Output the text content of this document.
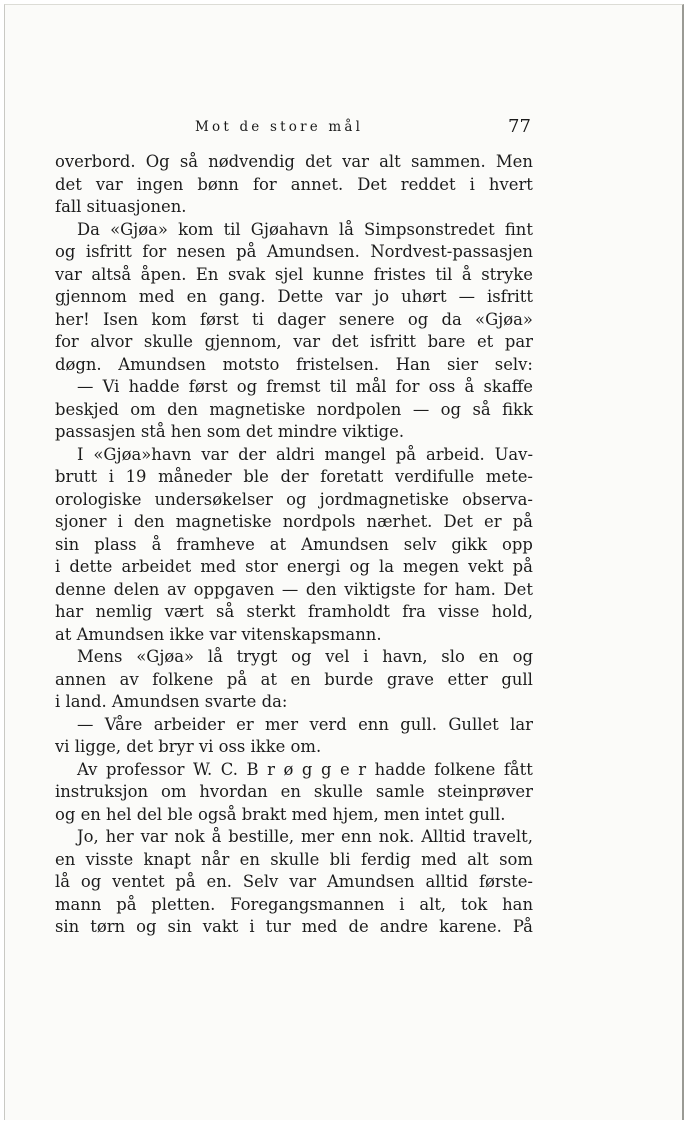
Mot de store mål	77
overbord. Og så nødvendig det var alt sammen. Men
det var ingen bønn for annet. Det reddet i hvert
fall situasjonen.
Da «Gjøa» kom til Gjøahavn lå Simpsonstredet fint
og isfritt for nesen på Amundsen. Nordvest-passasjen
var altså åpen. En svak sjel kunne fristes til å stryke
gjennom med en gang. Dette var jo uhørt — isfritt
her! Isen kom først ti dager senere og da «Gjøa»
for alvor skulle gjennom, var det isfritt bare et par
døgn. Amundsen motsto fristelsen. Han sier selv:
— Vi hadde først og fremst til mål for oss å skaffe
beskjed om den magnetiske nordpolen — og så fikk
passasjen stå hen som det mindre viktige.
I «Gjøa»havn var der aldri mangel på arbeid. Uav-
brutt i 19 måneder ble der foretatt verdifulle mete-
orologiske undersøkelser og jordmagnetiske observa-
sjoner i den magnetiske nordpols nærhet. Det er på
sin plass å framheve at Amundsen selv gikk opp
i dette arbeidet med stor energi og la megen vekt på
denne delen av oppgaven — den viktigste for ham. Det
har nemlig vært så sterkt framholdt fra visse hold,
at Amundsen ikke var vitenskapsmann.
Mens «Gjøa» lå trygt og vel i havn, slo en og
annen av folkene på at en burde grave etter gull
i land. Amundsen svarte da:
— Våre arbeider er mer verd enn gull. Gullet lar
vi ligge, det bryr vi oss ikke om.
Av professor W. C. B r ø g g e r hadde folkene fått
instruksjon om hvordan en skulle samle steinprøver
og en hel del ble også brakt med hjem, men intet gull.
Jo, her var nok å bestille, mer enn nok. Alltid travelt,
en visste knapt når en skulle bli ferdig med alt som
lå og ventet på en. Selv var Amundsen alltid første-
mann på pletten. Foregangsmannen i alt, tok han
sin tørn og sin vakt i tur med de andre karene. På
